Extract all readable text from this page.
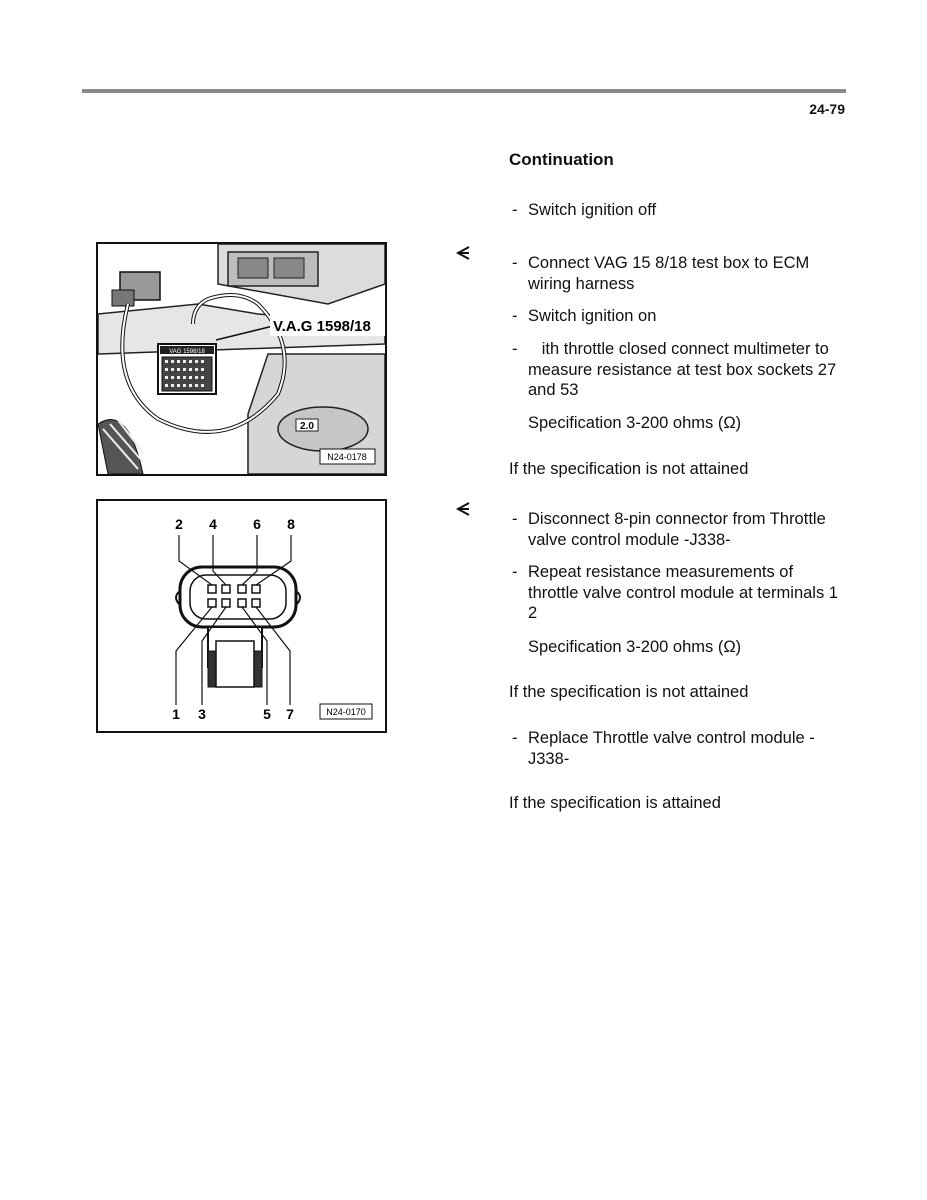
24-79
Continuation
- Switch ignition off
- Connect VAG 15 8/18 test box to ECM wiring harness
- Switch ignition on
- ith throttle closed connect multimeter to measure resistance at test box sockets 27 and 53
Specification 3-200 ohms (Ω)
If the specification is not attained
- Disconnect 8-pin connector from Throttle valve control module -J338-
- Repeat resistance measurements of throttle valve control module at terminals 1    2
Specification 3-200 ohms (Ω)
If the specification is not attained
- Replace Throttle valve control module -J338-
If the specification is attained
2.0
VAG 1598/18
V.A.G 1598/18
N24-0178
2 4	6 8
1 3	5 7	N24-0170
